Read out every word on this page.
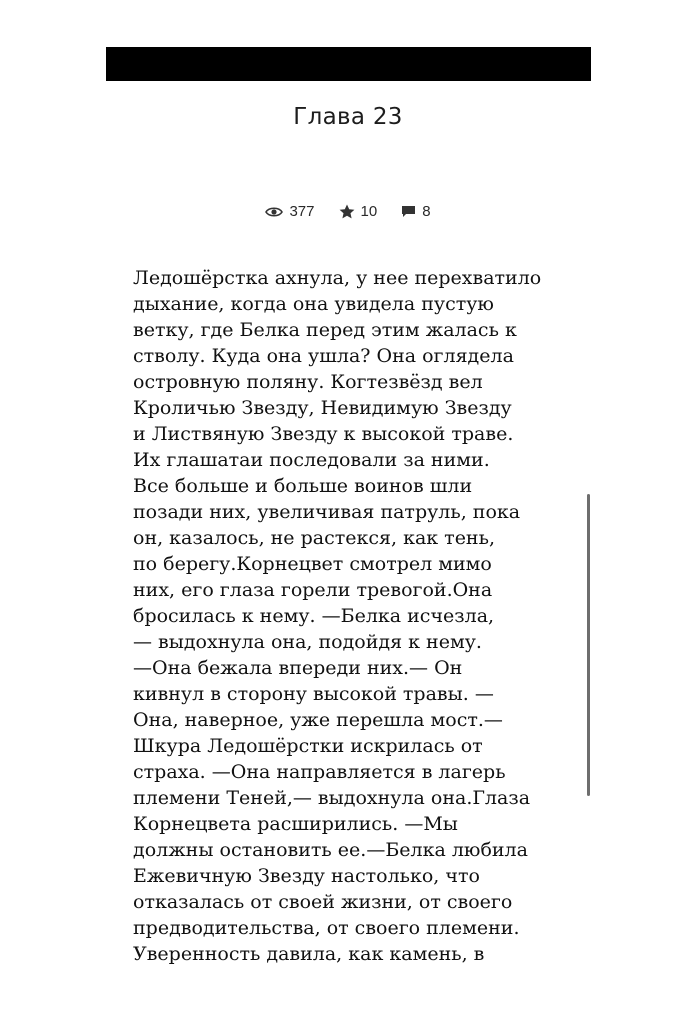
Глава 23
377	10	8
Ледошёрстка ахнула, у нее перехватило
дыхание, когда она увидела пустую
ветку, где Белка перед этим жалась к
стволу. Куда она ушла? Она оглядела
островную поляну. Когтезвёзд вел
Кроличью Звезду, Невидимую Звезду
и Листвяную Звезду к высокой траве.
Их глашатаи последовали за ними.
Все больше и больше воинов шли
позади них, увеличивая патруль, пока
он, казалось, не растекся, как тень,
по берегу.Корнецвет смотрел мимо
них, его глаза горели тревогой.Она
бросилась к нему. —Белка исчезла,
— выдохнула она, подойдя к нему.
—Она бежала впереди них.— Он
кивнул в сторону высокой травы. —
Она, наверное, уже перешла мост.—
Шкура Ледошёрстки искрилась от
страха. —Она направляется в лагерь
племени Теней,— выдохнула она.Глаза
Корнецвета расширились. —Мы
должны остановить ее.—Белка любила
Ежевичную Звезду настолько, что
отказалась от своей жизни, от своего
предводительства, от своего племени.
Уверенность давила, как камень, в
